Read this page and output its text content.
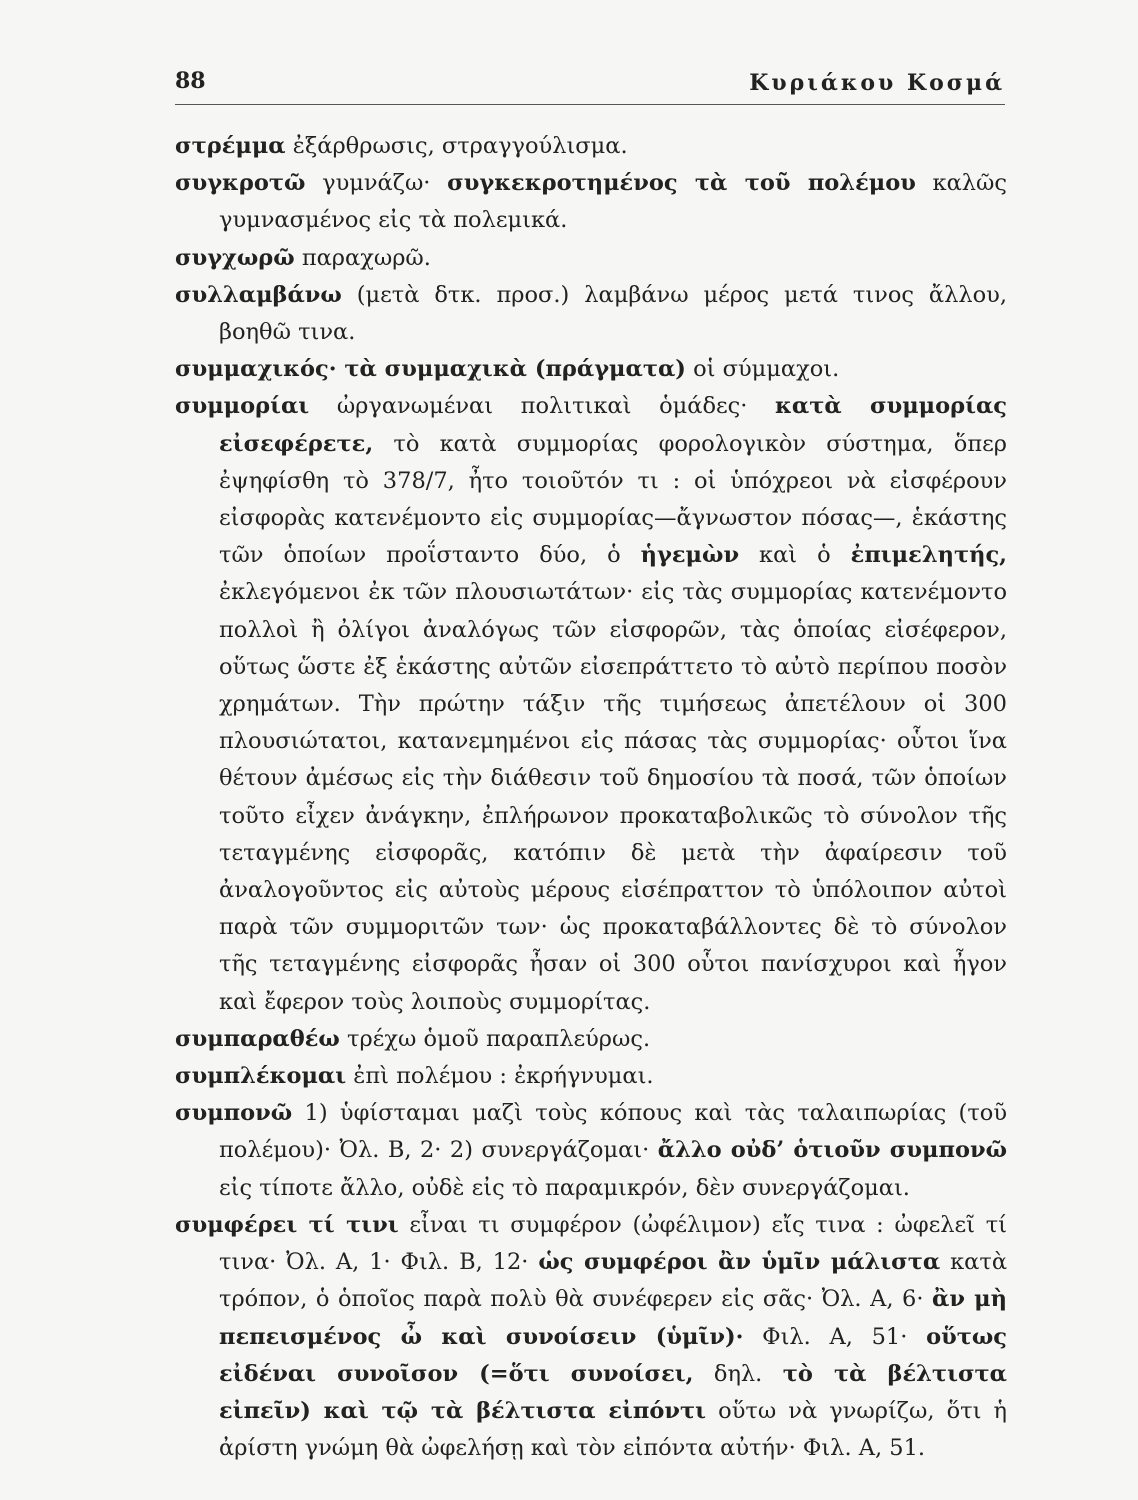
88	Κυριάκου Κοσμά

στρέμμα ἐξάρθρωσις, στραγγούλισμα.

συγκροτῶ γυμνάζω· συγκεκροτημένος τὰ τοῦ πολέμου καλῶς γυμνασμένος εἰς τὰ πολεμικά.

συγχωρῶ παραχωρῶ.

συλλαμβάνω (μετὰ δτκ. προσ.) λαμβάνω μέρος μετά τινος ἄλλου, βοηθῶ τινα.

συμμαχικός· τὰ συμμαχικὰ (πράγματα) οἱ σύμμαχοι.

συμμορίαι ὠργανωμέναι πολιτικαὶ ὁμάδες· κατὰ συμμορίας εἰσεφέρετε, τὸ κατὰ συμμορίας φορολογικὸν σύστημα, ὅπερ ἐψηφίσθη τὸ 378/7, ἦτο τοιοῦτόν τι : οἱ ὑπόχρεοι νὰ εἰσφέρουν εἰσφορὰς κατενέμοντο εἰς συμμορίας—ἄγνωστον πόσας—, ἑκάστης τῶν ὁποίων προΐσταντο δύο, ὁ ἡγεμὼν καὶ ὁ ἐπιμελητής, ἐκλεγόμενοι ἐκ τῶν πλουσιωτάτων· εἰς τὰς συμμορίας κατενέμοντο πολλοὶ ἢ ὀλίγοι ἀναλόγως τῶν εἰσφορῶν, τὰς ὁποίας εἰσέφερον, οὕτως ὥστε ἐξ ἑκάστης αὐτῶν εἰσεπράττετο τὸ αὐτὸ περίπου ποσὸν χρημάτων. Τὴν πρώτην τάξιν τῆς τιμήσεως ἀπετέλουν οἱ 300 πλουσιώτατοι, κατανεμημένοι εἰς πάσας τὰς συμμορίας· οὗτοι ἵνα θέτουν ἀμέσως εἰς τὴν διάθεσιν τοῦ δημοσίου τὰ ποσά, τῶν ὁποίων τοῦτο εἶχεν ἀνάγκην, ἐπλήρωνον προκαταβολικῶς τὸ σύνολον τῆς τεταγμένης εἰσφορᾶς, κατόπιν δὲ μετὰ τὴν ἀφαίρεσιν τοῦ ἀναλογοῦντος εἰς αὐτοὺς μέρους εἰσέπραττον τὸ ὑπόλοιπον αὐτοὶ παρὰ τῶν συμμοριτῶν των· ὡς προκαταβάλλοντες δὲ τὸ σύνολον τῆς τεταγμένης εἰσφορᾶς ἦσαν οἱ 300 οὗτοι πανίσχυροι καὶ ἦγον καὶ ἔφερον τοὺς λοιποὺς συμμορίτας.

συμπαραθέω τρέχω ὁμοῦ παραπλεύρως.

συμπλέκομαι ἐπὶ πολέμου : ἐκρήγνυμαι.

συμπονῶ 1) ὑφίσταμαι μαζὶ τοὺς κόπους καὶ τὰς ταλαιπωρίας (τοῦ πολέμου)· Ὀλ. Β, 2· 2) συνεργάζομαι· ἄλλο οὐδ’ ὁτιοῦν συμπονῶ εἰς τίποτε ἄλλο, οὐδὲ εἰς τὸ παραμικρόν, δὲν συνεργάζομαι.

συμφέρει τί τινι εἶναι τι συμφέρον (ὠφέλιμον) εἴς τινα : ὠφελεῖ τί τινα· Ὀλ. Α, 1· Φιλ. Β, 12· ὡς συμφέροι ἂν ὑμῖν μάλιστα κατὰ τρόπον, ὁ ὁποῖος παρὰ πολὺ θὰ συνέφερεν εἰς σᾶς· Ὀλ. Α, 6· ἂν μὴ πεπεισμένος ὦ καὶ συνοίσειν (ὑμῖν)· Φιλ. Α, 51· οὕτως εἰδέναι συνοῖσον (=ὅτι συνοίσει, δηλ. τὸ τὰ βέλτιστα εἰπεῖν) καὶ τῷ τὰ βέλτιστα εἰπόντι οὕτω νὰ γνωρίζω, ὅτι ἡ ἀρίστη γνώμη θὰ ὠφελήσῃ καὶ τὸν εἰπόντα αὐτήν· Φιλ. Α, 51.
